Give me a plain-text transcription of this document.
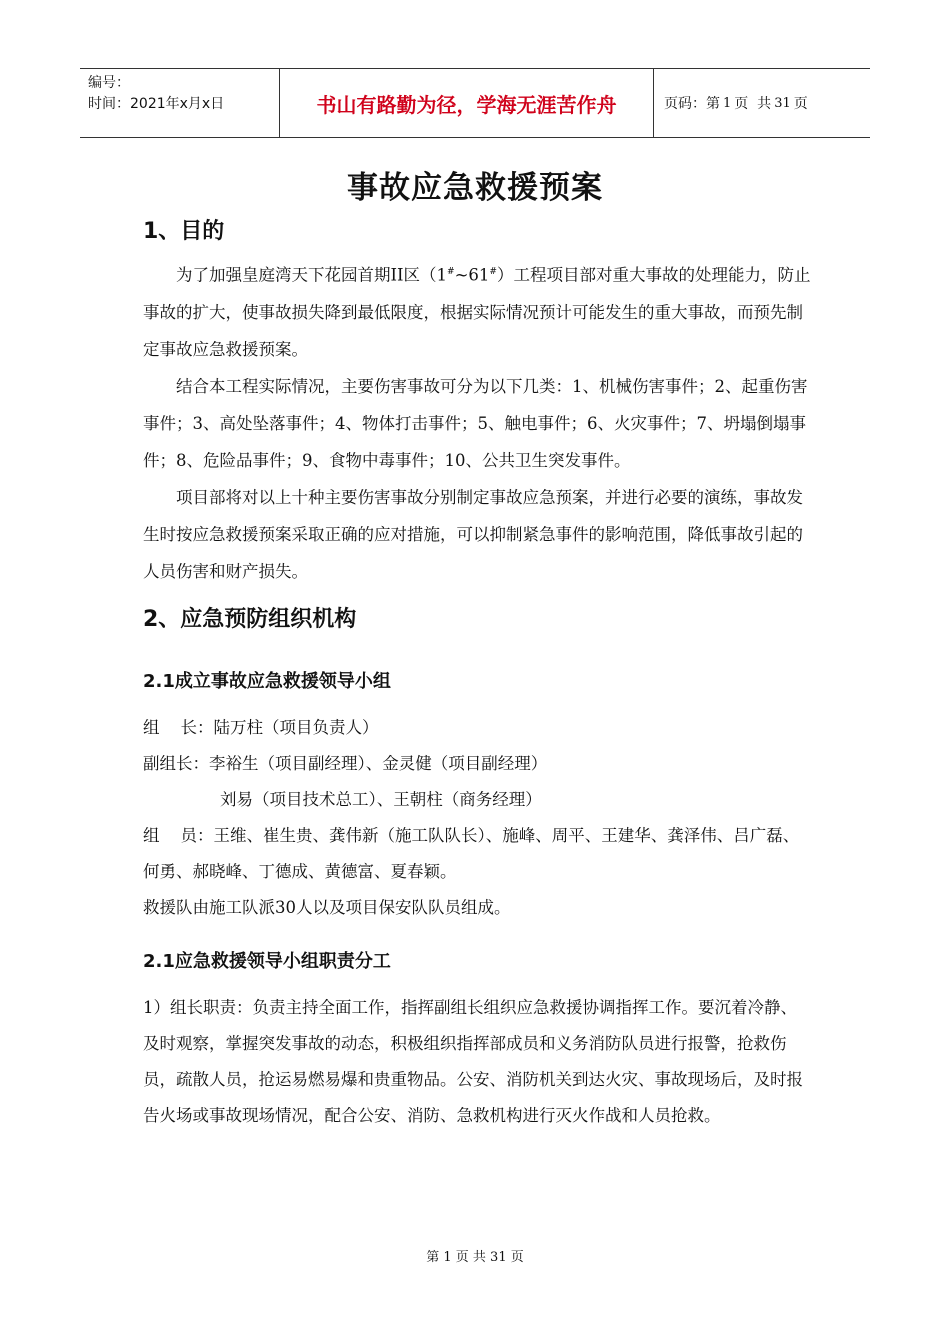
编号：
时间：2021年x月x日	书山有路勤为径，学海无涯苦作舟	页码：第 1 页  共 31 页
事故应急救援预案
1、目的

为了加强皇庭湾天下花园首期II区（1#~61#）工程项目部对重大事故的处理能力，防止事故的扩大，使事故损失降到最低限度，根据实际情况预计可能发生的重大事故，而预先制定事故应急救援预案。

结合本工程实际情况，主要伤害事故可分为以下几类：1、机械伤害事件；2、起重伤害事件；3、高处坠落事件；4、物体打击事件；5、触电事件；6、火灾事件；7、坍塌倒塌事件；8、危险品事件；9、食物中毒事件；10、公共卫生突发事件。

项目部将对以上十种主要伤害事故分别制定事故应急预案，并进行必要的演练，事故发生时按应急救援预案采取正确的应对措施，可以抑制紧急事件的影响范围，降低事故引起的人员伤害和财产损失。

2、应急预防组织机构
2.1成立事故应急救援领导小组

组    长：陆万柱（项目负责人）

副组长：李裕生（项目副经理）、金灵健（项目副经理）

刘易（项目技术总工）、王朝柱（商务经理）

组    员：王维、崔生贵、龚伟新（施工队队长）、施峰、周平、王建华、龚泽伟、吕广磊、何勇、郝晓峰、丁德成、黄德富、夏春颖。

救援队由施工队派30人以及项目保安队队员组成。

2.1应急救援领导小组职责分工

1）组长职责：负责主持全面工作，指挥副组长组织应急救援协调指挥工作。要沉着冷静、及时观察，掌握突发事故的动态，积极组织指挥部成员和义务消防队员进行报警，抢救伤员，疏散人员，抢运易燃易爆和贵重物品。公安、消防机关到达火灾、事故现场后，及时报告火场或事故现场情况，配合公安、消防、急救机构进行灭火作战和人员抢救。

第 1 页 共 31 页
